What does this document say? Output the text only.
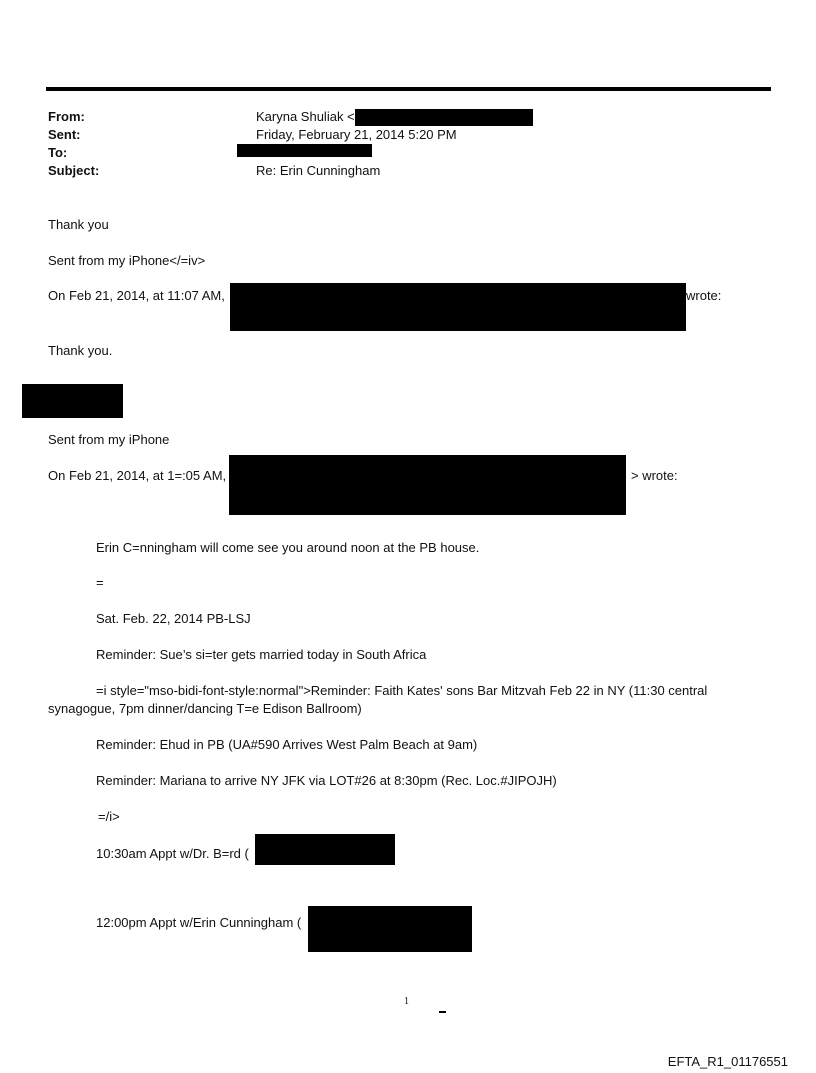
From:	Karyna Shuliak <
Sent:	Friday, February 21, 2014 5:20 PM
To:
Subject:	Re: Erin Cunningham
Thank you
Sent from my iPhone</=iv>
On Feb 21, 2014, at 11:07 AM,	wrote:
Thank you.
Sent from my iPhone
On Feb 21, 2014, at 1=:05 AM,	> wrote:
Erin C=nningham will come see you around noon at the PB house.
=
Sat. Feb. 22, 2014 PB-LSJ
Reminder: Sue’s si=ter gets married today in South Africa
=i style="mso-bidi-font-style:normal">Reminder: Faith Kates' sons Bar Mitzvah Feb 22 in NY (11:30 central
synagogue, 7pm dinner/dancing T=e Edison Ballroom)
Reminder: Ehud in PB (UA#590 Arrives West Palm Beach at 9am)
Reminder: Mariana to arrive NY JFK via LOT#26 at 8:30pm (Rec. Loc.#JIPOJH)
=/i>
10:30am Appt w/Dr. B=rd (
12:00pm Appt w/Erin Cunningham (
1
EFTA_R1_01176551
